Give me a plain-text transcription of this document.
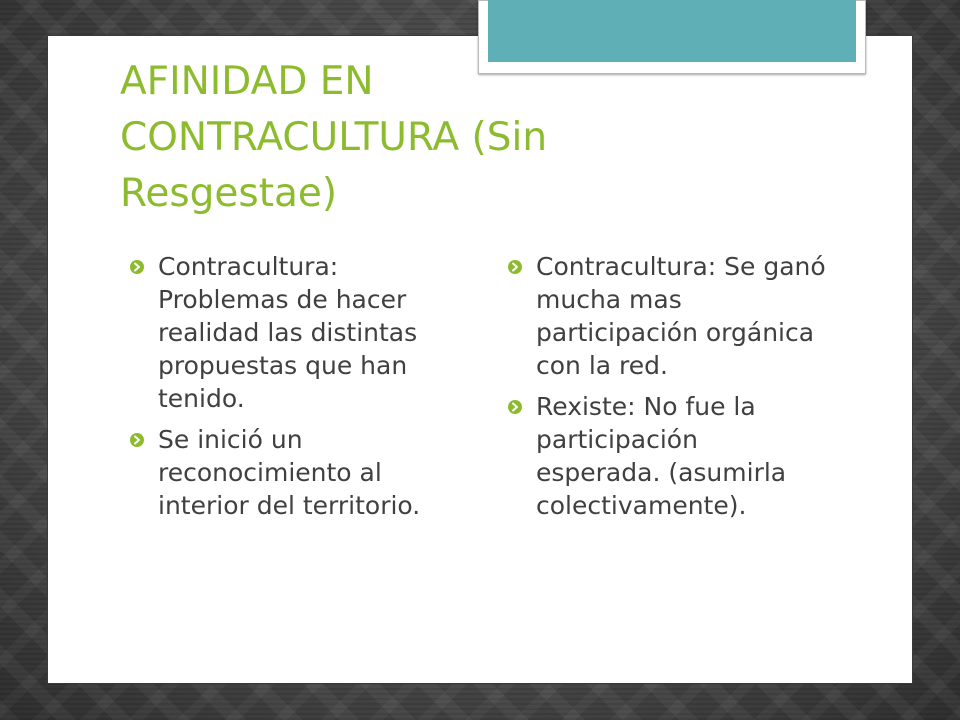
AFINIDAD EN CONTRACULTURA (Sin Resgestae)
Contracultura: Problemas de hacer realidad las distintas propuestas que han tenido.
Se inició un reconocimiento al interior del territorio.
Contracultura: Se ganó mucha mas participación orgánica con la red.
Rexiste: No fue la participación esperada. (asumirla colectivamente).
